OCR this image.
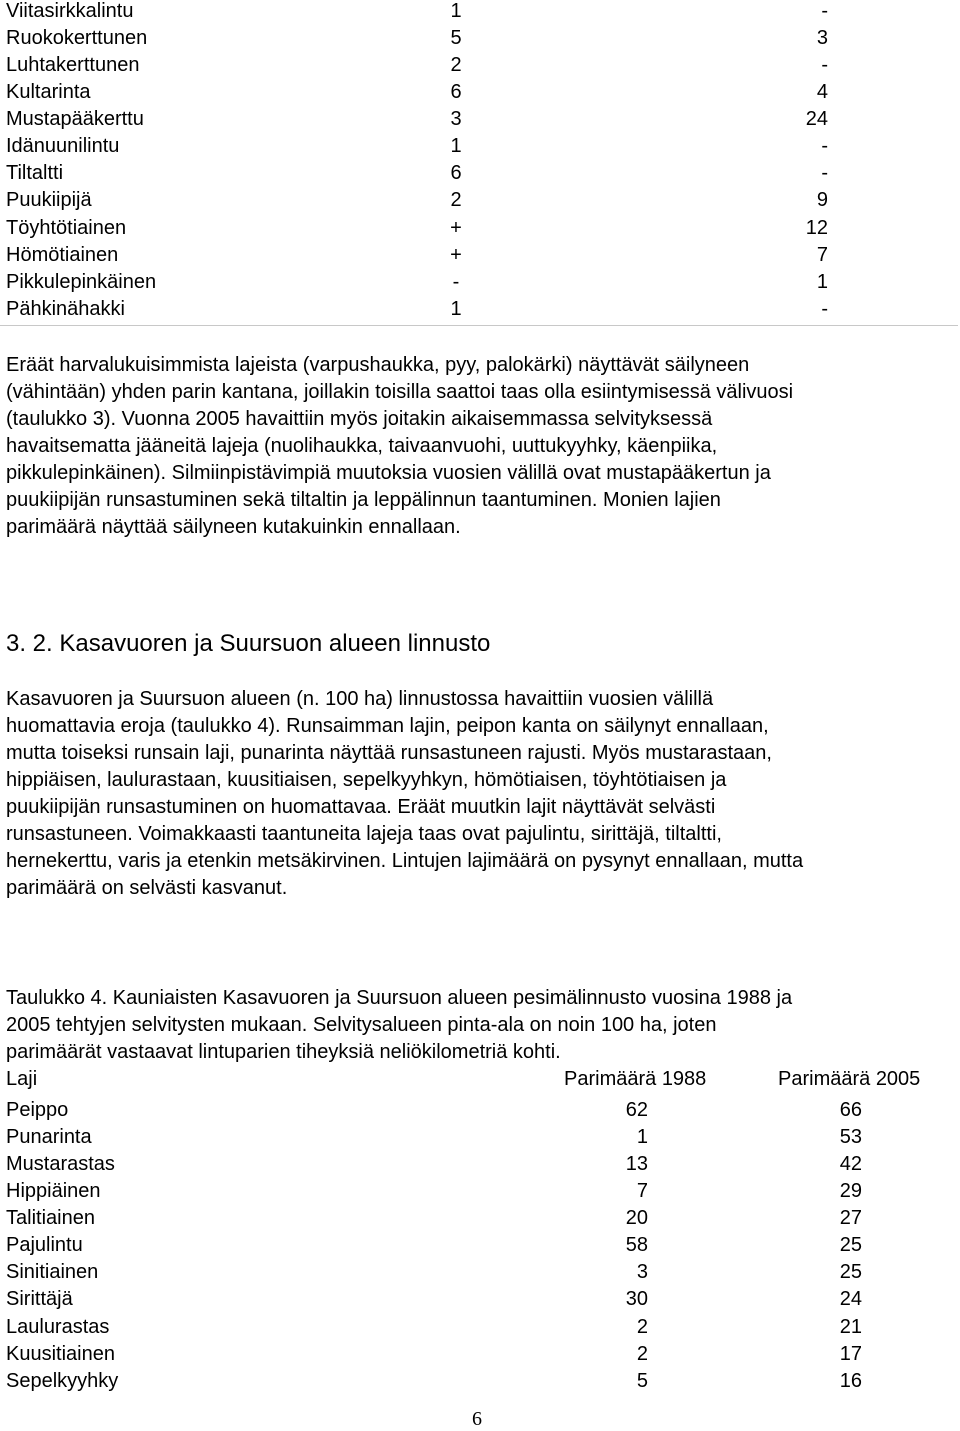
Viitasirkkalintu	1	-
Ruokokerttunen	5	3
Luhtakerttunen	2	-
Kultarinta	6	4
Mustapääkerttu	3	24
Idänuunilintu	1	-
Tiltaltti	6	-
Puukiipijä	2	9
Töyhtötiainen	+	12
Hömötiainen	+	7
Pikkulepinkäinen	-	1
Pähkinähakki	1	-
Eräät harvalukuisimmista lajeista (varpushaukka, pyy, palokärki) näyttävät säilyneen
(vähintään) yhden parin kantana, joillakin toisilla saattoi taas olla esiintymisessä välivuosi
(taulukko 3). Vuonna 2005 havaittiin myös joitakin aikaisemmassa selvityksessä
havaitsematta jääneitä lajeja (nuolihaukka, taivaanvuohi, uuttukyyhky, käenpiika,
pikkulepinkäinen). Silmiinpistävimpiä muutoksia vuosien välillä ovat mustapääkertun ja
puukiipijän runsastuminen sekä tiltaltin ja leppälinnun taantuminen. Monien lajien
parimäärä näyttää säilyneen kutakuinkin ennallaan.
3. 2. Kasavuoren ja Suursuon alueen linnusto
Kasavuoren ja Suursuon alueen (n. 100 ha) linnustossa havaittiin vuosien välillä
huomattavia eroja (taulukko 4). Runsaimman lajin, peipon kanta on säilynyt ennallaan,
mutta toiseksi runsain laji, punarinta näyttää runsastuneen rajusti. Myös mustarastaan,
hippiäisen, laulurastaan, kuusitiaisen, sepelkyyhkyn, hömötiaisen, töyhtötiaisen ja
puukiipijän runsastuminen on huomattavaa. Eräät muutkin lajit näyttävät selvästi
runsastuneen. Voimakkaasti taantuneita lajeja taas ovat pajulintu, sirittäjä, tiltaltti,
hernekerttu, varis ja etenkin metsäkirvinen. Lintujen lajimäärä on pysynyt ennallaan, mutta
parimäärä on selvästi kasvanut.
Taulukko 4. Kauniaisten Kasavuoren ja Suursuon alueen pesimälinnusto vuosina 1988 ja
2005 tehtyjen selvitysten mukaan. Selvitysalueen pinta-ala on noin 100 ha, joten
parimäärät vastaavat lintuparien tiheyksiä neliökilometriä kohti.
Laji	Parimäärä 1988	Parimäärä 2005
Peippo	62	66
Punarinta	1	53
Mustarastas	13	42
Hippiäinen	7	29
Talitiainen	20	27
Pajulintu	58	25
Sinitiainen	3	25
Sirittäjä	30	24
Laulurastas	2	21
Kuusitiainen	2	17
Sepelkyyhky	5	16
6
